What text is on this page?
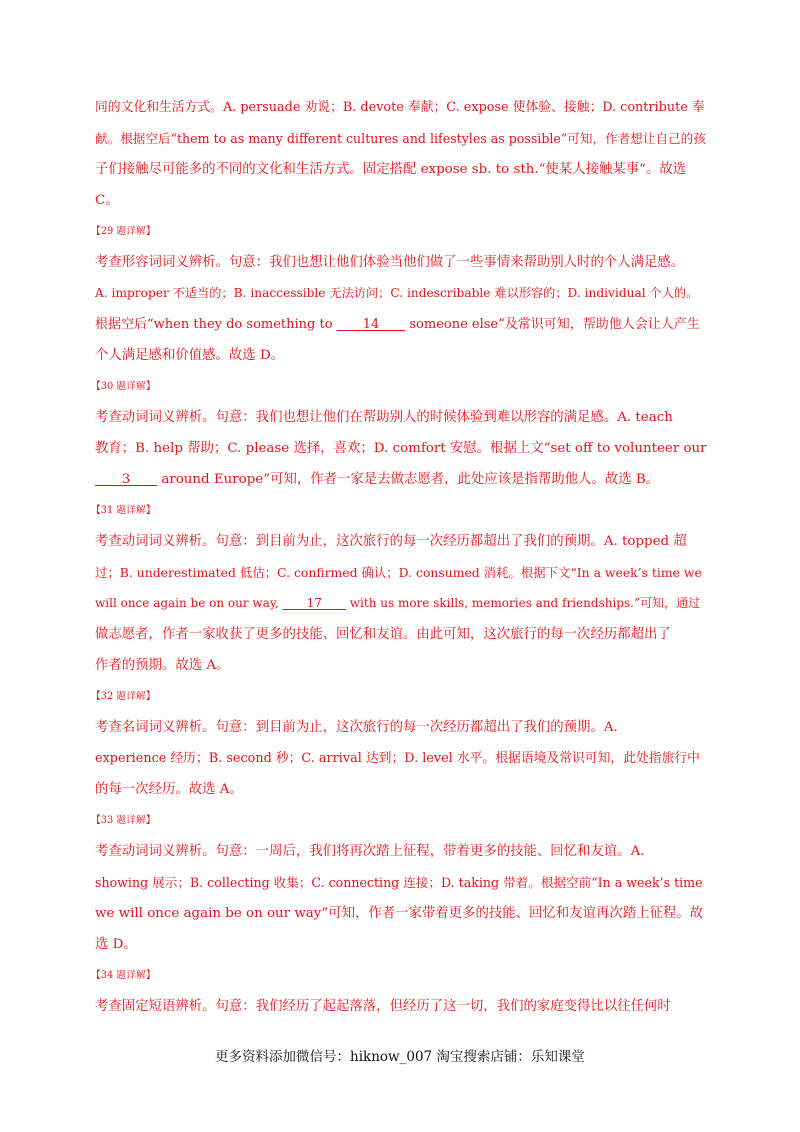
同的文化和生活方式。A. persuade 劝说；B. devote 奉献；C. expose 使体验、接触；D. contribute 奉
献。根据空后“them to as many different cultures and lifestyles as possible”可知，作者想让自己的孩
子们接触尽可能多的不同的文化和生活方式。固定搭配 expose sb. to sth.“使某人接触某事”。故选
C。
【29 题详解】
考查形容词词义辨析。句意：我们也想让他们体验当他们做了一些事情来帮助别人时的个人满足感。
A. improper 不适当的；B. inaccessible 无法访问；C. indescribable 难以形容的；D. individual 个人的。
根据空后“when they do something to ____14____ someone else”及常识可知，帮助他人会让人产生
个人满足感和价值感。故选 D。
【30 题详解】
考查动词词义辨析。句意：我们也想让他们在帮助别人的时候体验到难以形容的满足感。A. teach
教育；B. help 帮助；C. please 选择，喜欢；D. comfort 安慰。根据上文“set off to volunteer our
____3____ around Europe”可知，作者一家是去做志愿者，此处应该是指帮助他人。故选 B。
【31 题详解】
考查动词词义辨析。句意：到目前为止，这次旅行的每一次经历都超出了我们的预期。A. topped 超
过；B. underestimated 低估；C. confirmed 确认；D. consumed 消耗。根据下文“In a week’s time we
will once again be on our way, ____17____ with us more skills, memories and friendships.”可知，通过
做志愿者，作者一家收获了更多的技能、回忆和友谊。由此可知，这次旅行的每一次经历都超出了
作者的预期。故选 A。
【32 题详解】
考查名词词义辨析。句意：到目前为止，这次旅行的每一次经历都超出了我们的预期。A.
experience 经历；B. second 秒；C. arrival 达到；D. level 水平。根据语境及常识可知，此处指旅行中
的每一次经历。故选 A。
【33 题详解】
考查动词词义辨析。句意：一周后，我们将再次踏上征程，带着更多的技能、回忆和友谊。A.
showing 展示；B. collecting 收集；C. connecting 连接；D. taking 带着。根据空前“In a week’s time
we will once again be on our way”可知，作者一家带着更多的技能、回忆和友谊再次踏上征程。故
选 D。
【34 题详解】
考查固定短语辨析。句意：我们经历了起起落落，但经历了这一切，我们的家庭变得比以往任何时
更多资料添加微信号：hiknow_007 淘宝搜索店铺：乐知课堂
